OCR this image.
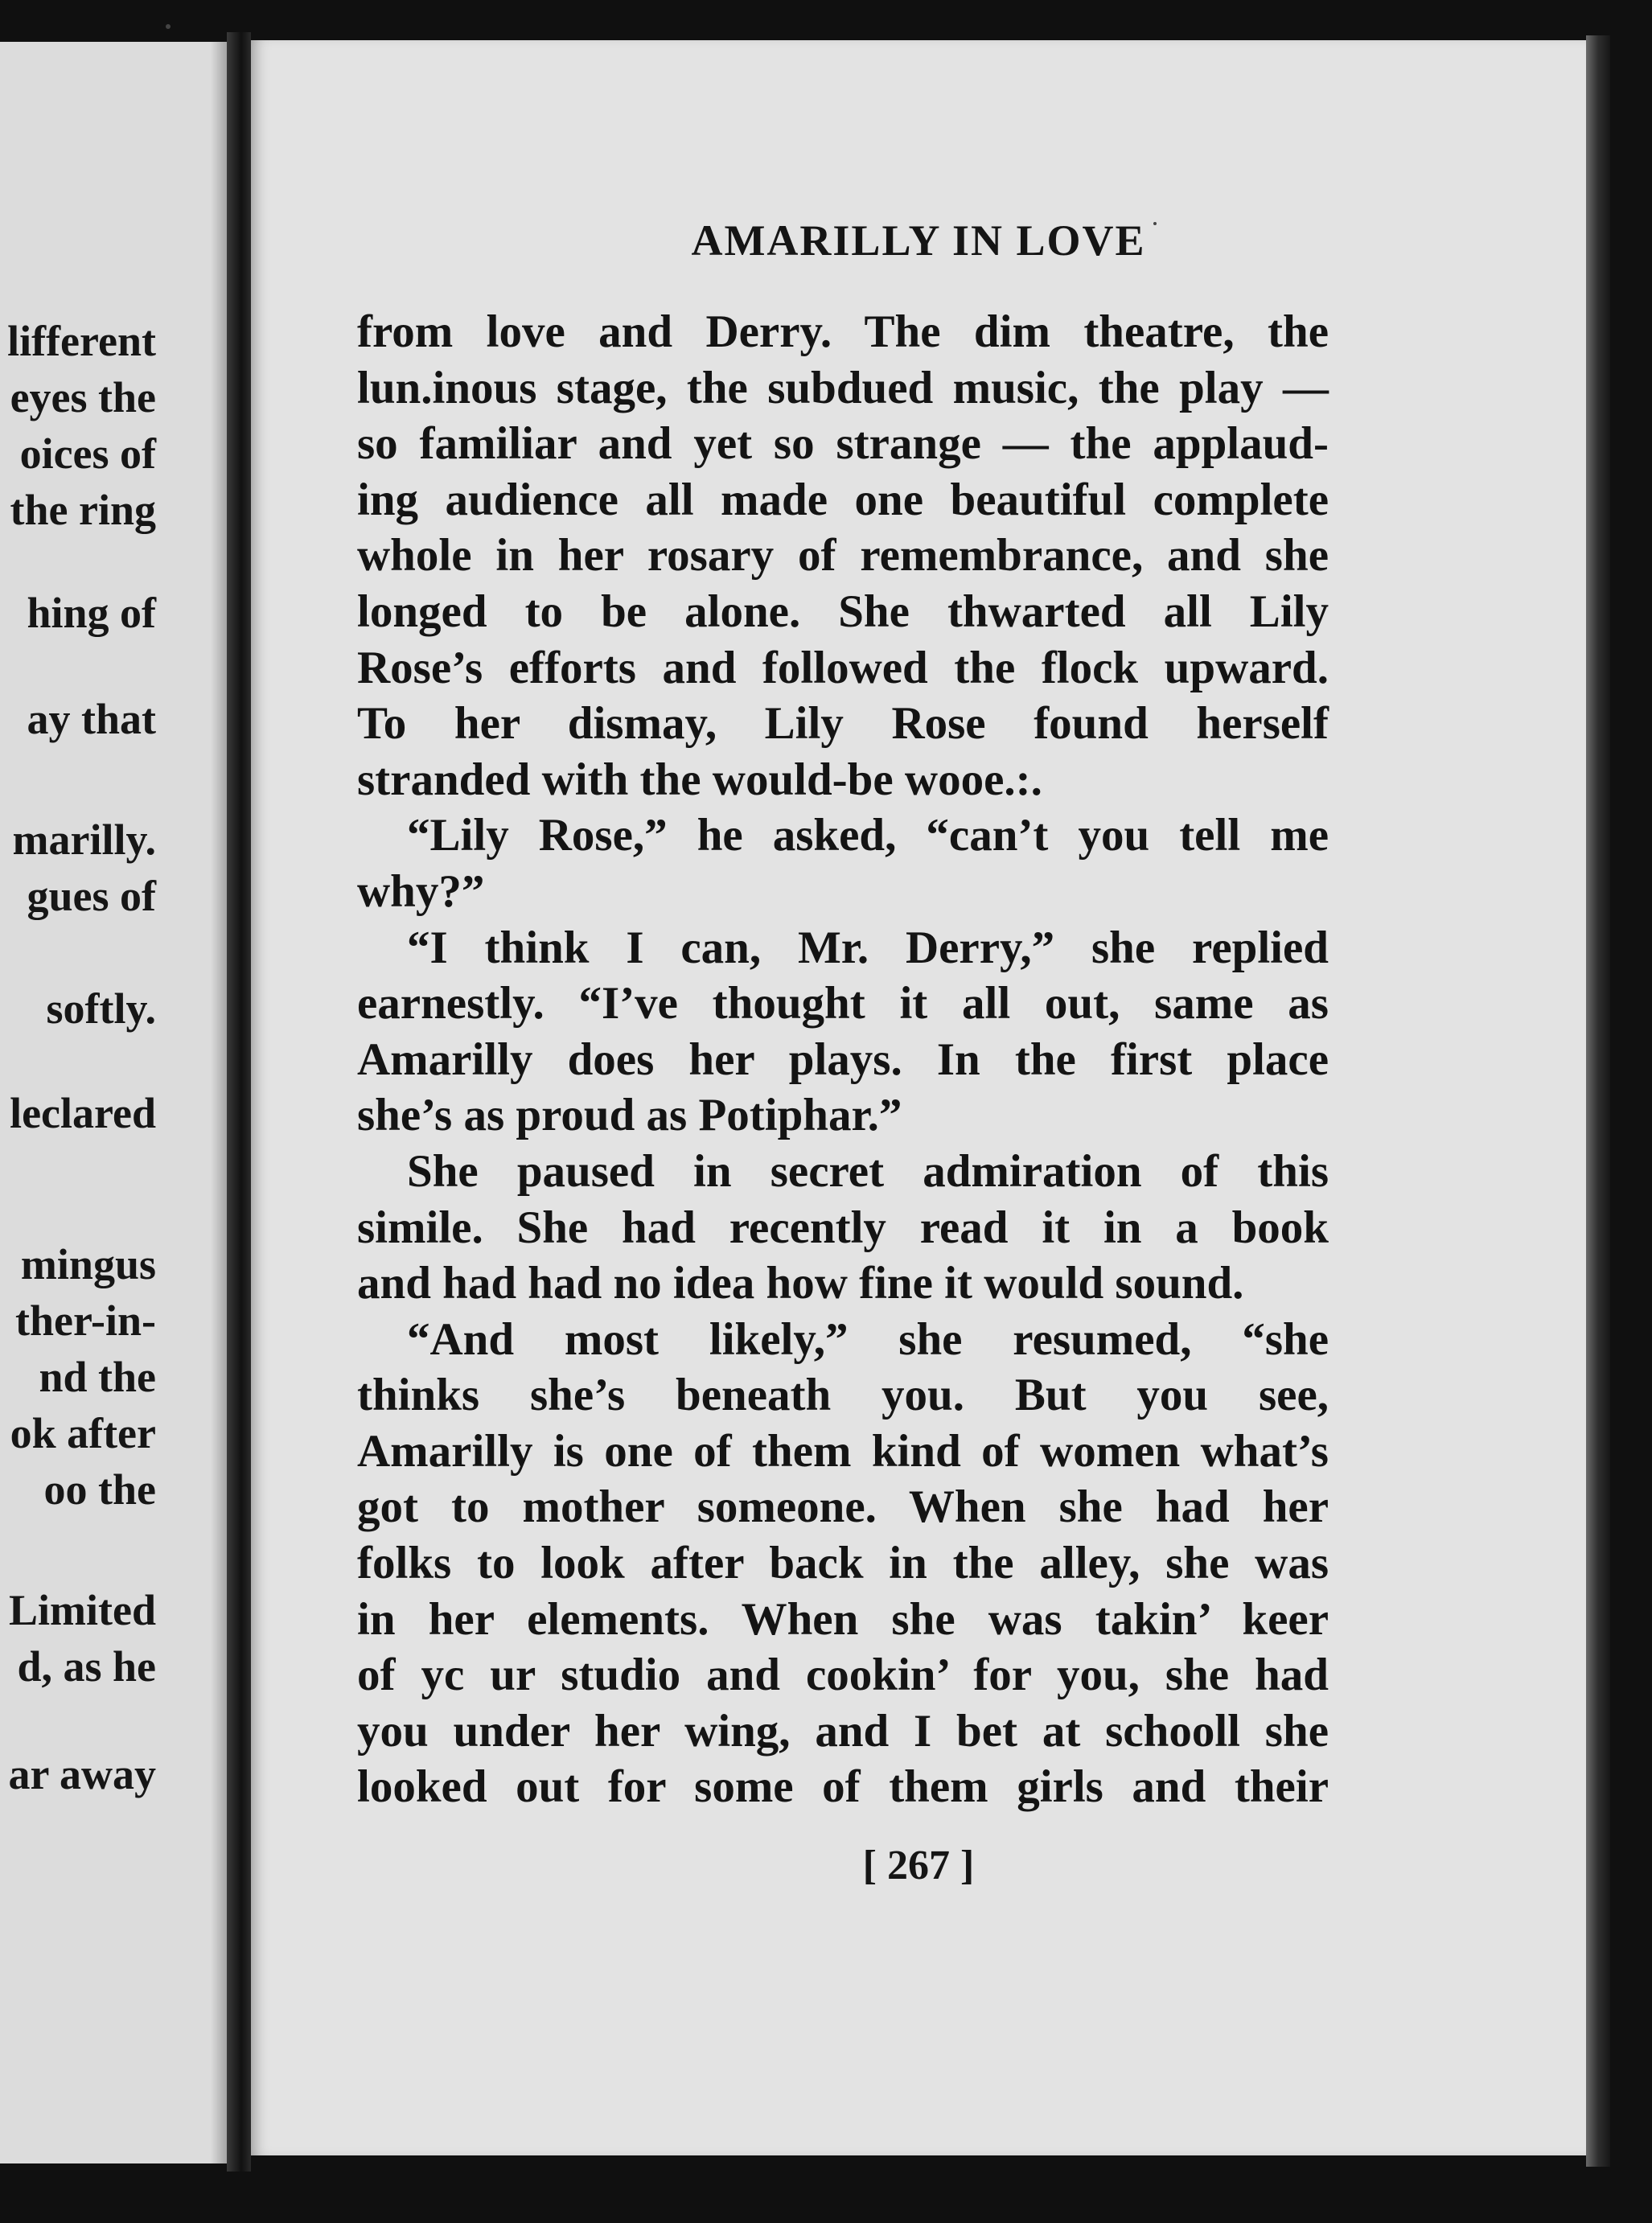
lifferent
eyes the
oices of
the ring
hing of
ay that
marilly.
gues of
softly.
leclared
mingus
ther-in-
nd the
ok after
oo the
Limited
d, as he
ar away
AMARILLY IN LOVE
from love and Derry. The dim theatre, the
lun.inous stage, the subdued music, the play —
so familiar and yet so strange — the applaud-
ing audience all made one beautiful complete
whole in her rosary of remembrance, and she
longed to be alone. She thwarted all Lily
Rose’s efforts and followed the flock upward.
To her dismay, Lily Rose found herself
stranded with the would-be wooe.:.
“Lily Rose,” he asked, “can’t you tell me
why?”
“I think I can, Mr. Derry,” she replied
earnestly. “I’ve thought it all out, same as
Amarilly does her plays. In the first place
she’s as proud as Potiphar.”
She paused in secret admiration of this
simile. She had recently read it in a book
and had had no idea how fine it would sound.
“And most likely,” she resumed, “she
thinks she’s beneath you. But you see,
Amarilly is one of them kind of women what’s
got to mother someone. When she had her
folks to look after back in the alley, she was
in her elements. When she was takin’ keer
of yc ur studio and cookin’ for you, she had
you under her wing, and I bet at schooll she
looked out for some of them girls and their
[ 267 ]
